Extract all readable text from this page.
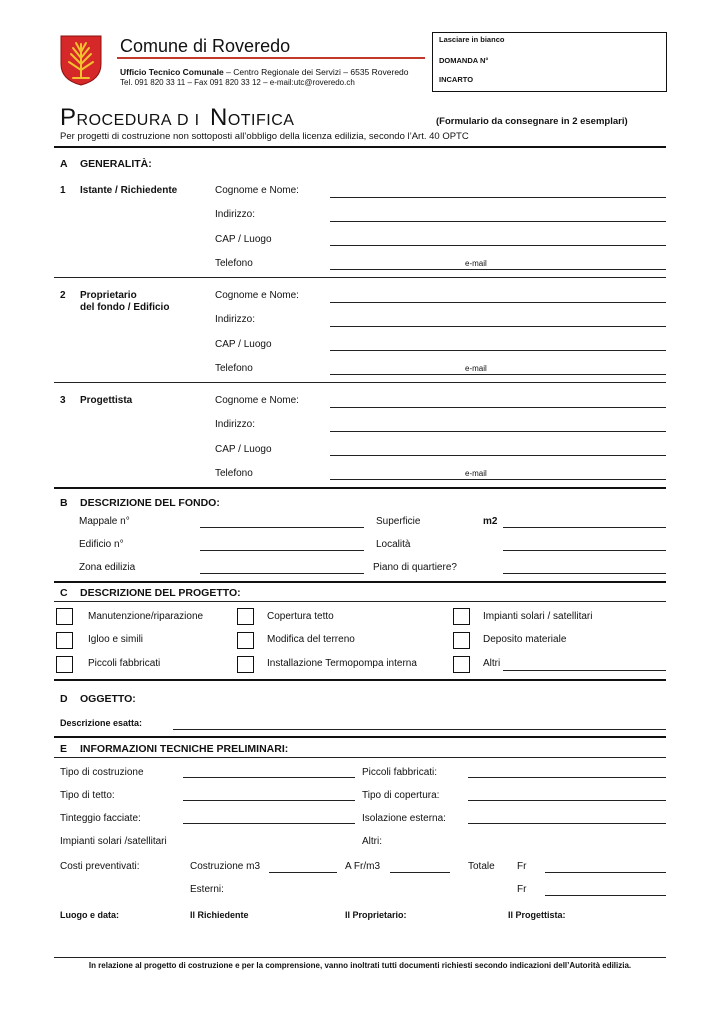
Comune di Roveredo
Ufficio Tecnico Comunale – Centro Regionale dei Servizi – 6535 Roveredo
Tel. 091 820 33 11 – Fax 091 820 33 12 – e-mail:utc@roveredo.ch
Lasciare in bianco
DOMANDA N°
INCARTO
PROCEDURA DI NOTIFICA	(Formulario da consegnare in 2 esemplari)
Per progetti di costruzione non sottoposti all’obbligo della licenza edilizia, secondo l’Art. 40 OPTC
A GENERALITÀ:
1 Istante / Richiedente	Cognome e Nome:
Indirizzo:
CAP / Luogo
Telefono	e-mail
2 Proprietario
del fondo / Edificio
Cognome e Nome:
Indirizzo:
CAP / Luogo
Telefono	e-mail
3 Progettista	Cognome e Nome:
Indirizzo:
CAP / Luogo
Telefono	e-mail
B DESCRIZIONE DEL FONDO:
Mappale n°	Superficie	m2
Edificio n°	Località
Zona edilizia	Piano di quartiere?
C DESCRIZIONE DEL PROGETTO:
Manutenzione/riparazione	Copertura tetto	Impianti solari / satellitari
Igloo e simili	Modifica del terreno	Deposito materiale
Piccoli fabbricati	Installazione Termopompa interna	Altri
D OGGETTO:
Descrizione esatta:
E INFORMAZIONI TECNICHE PRELIMINARI:
Tipo di costruzione	Piccoli fabbricati:
Tipo di tetto:	Tipo di copertura:
Tinteggio facciate:	Isolazione esterna:
Impianti solari /satellitari	Altri:
Costi preventivati:	Costruzione m3	A Fr/m3	Totale Fr
Esterni:	Fr
Luogo e data:	Il Richiedente	Il Proprietario:	Il Progettista:
In relazione al progetto di costruzione e per la comprensione, vanno inoltrati tutti documenti richiesti secondo indicazioni dell’Autorità edilizia.
